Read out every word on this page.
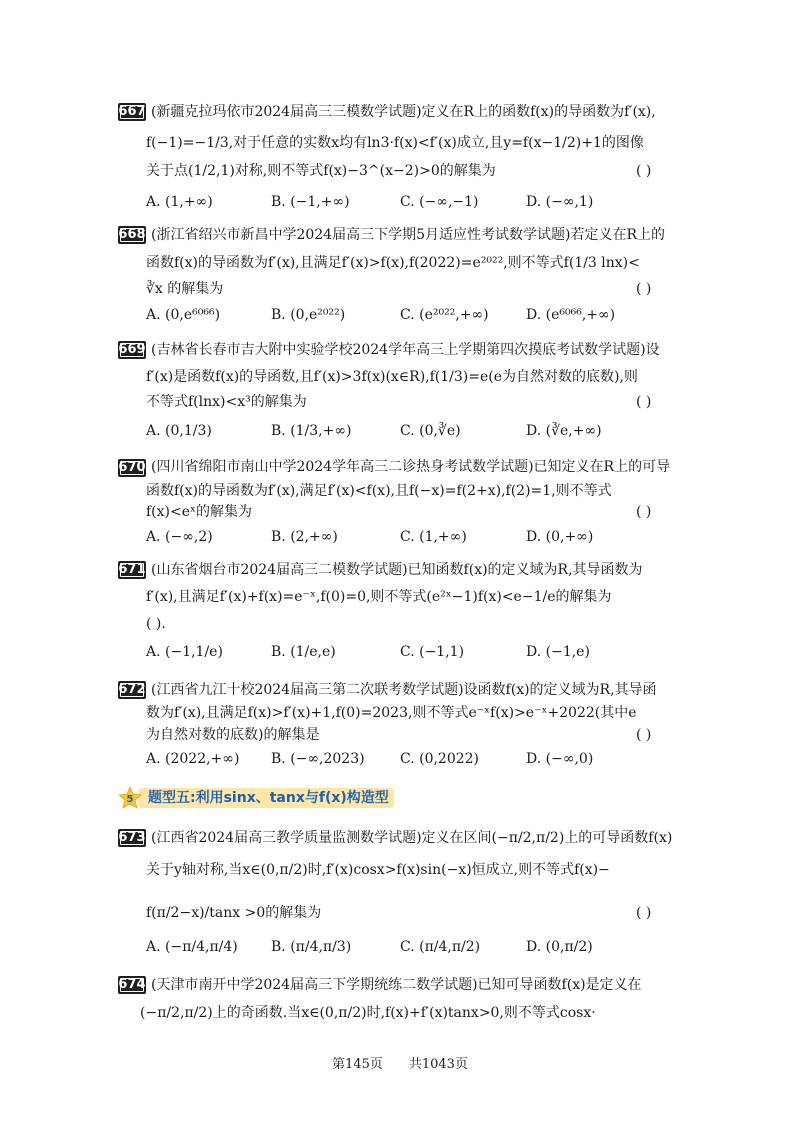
667 (新疆克拉玛依市2024届高三三模数学试题)定义在R上的函数f(x)的导函数为f′(x),
f(−1)=−1/3,对于任意的实数x均有ln3·f(x)<f′(x)成立,且y=f(x−1/2)+1的图像
关于点(1/2,1)对称,则不等式f(x)−3^(x−2)>0的解集为	( )
A. (1,+∞)	B. (−1,+∞)	C. (−∞,−1)	D. (−∞,1)
668 (浙江省绍兴市新昌中学2024届高三下学期5月适应性考试数学试题)若定义在R上的
函数f(x)的导函数为f′(x),且满足f′(x)>f(x),f(2022)=e²⁰²²,则不等式f(1/3 lnx)<
∛x 的解集为	( )
A. (0,e⁶⁰⁶⁶)	B. (0,e²⁰²²)	C. (e²⁰²²,+∞)	D. (e⁶⁰⁶⁶,+∞)
669 (吉林省长春市吉大附中实验学校2024学年高三上学期第四次摸底考试数学试题)设
f′(x)是函数f(x)的导函数,且f′(x)>3f(x)(x∈R),f(1/3)=e(e为自然对数的底数),则
不等式f(lnx)<x³的解集为	( )
A. (0,1/3)	B. (1/3,+∞)	C. (0,∛e)	D. (∛e,+∞)
670 (四川省绵阳市南山中学2024学年高三二诊热身考试数学试题)已知定义在R上的可导
函数f(x)的导函数为f′(x),满足f′(x)<f(x),且f(−x)=f(2+x),f(2)=1,则不等式
f(x)<eˣ的解集为	( )
A. (−∞,2)	B. (2,+∞)	C. (1,+∞)	D. (0,+∞)
671 (山东省烟台市2024届高三二模数学试题)已知函数f(x)的定义域为R,其导函数为
f′(x),且满足f′(x)+f(x)=e⁻ˣ,f(0)=0,则不等式(e²ˣ−1)f(x)<e−1/e的解集为
( ).
A. (−1,1/e)	B. (1/e,e)	C. (−1,1)	D. (−1,e)
672 (江西省九江十校2024届高三第二次联考数学试题)设函数f(x)的定义域为R,其导函
数为f′(x),且满足f(x)>f′(x)+1,f(0)=2023,则不等式e⁻ˣf(x)>e⁻ˣ+2022(其中e
为自然对数的底数)的解集是	( )
A. (2022,+∞) B. (−∞,2023)	C. (0,2022)	D. (−∞,0)
5 题型五:利用sinx、tanx与f(x)构造型
673 (江西省2024届高三教学质量监测数学试题)定义在区间(−π/2,π/2)上的可导函数f(x)
关于y轴对称,当x∈(0,π/2)时,f′(x)cosx>f(x)sin(−x)恒成立,则不等式f(x)−
f(π/2−x)/tanx >0的解集为	( )
A. (−π/4,π/4) B. (π/4,π/3)	C. (π/4,π/2)	D. (0,π/2)
674 (天津市南开中学2024届高三下学期统练二数学试题)已知可导函数f(x)是定义在
(−π/2,π/2)上的奇函数.当x∈(0,π/2)时,f(x)+f′(x)tanx>0,则不等式cosx·
第145页　　共1043页
